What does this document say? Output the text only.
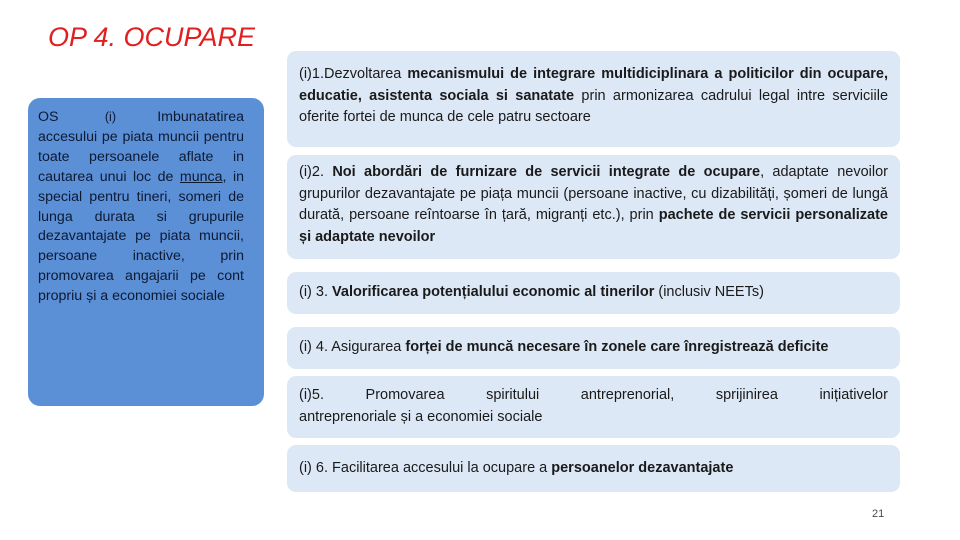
OP 4. OCUPARE
OS	(i)	Imbunatatirea accesului pe piata muncii pentru toate persoanele aflate in cautarea unui loc de munca, in special pentru tineri, someri de lunga durata si grupurile dezavantajate pe piata muncii, persoane inactive, prin promovarea angajarii pe cont propriu și a economiei sociale
(i)1.Dezvoltarea mecanismului de integrare multidiciplinara a politicilor din ocupare, educatie, asistenta sociala si sanatate prin armonizarea cadrului legal intre serviciile oferite fortei de munca de cele patru sectoare
(i)2. Noi abordări de furnizare de servicii integrate de ocupare, adaptate nevoilor grupurilor dezavantajate pe piața muncii (persoane inactive, cu dizabilități, șomeri de lungă durată, persoane reîntoarse în țară, migranți etc.), prin pachete de servicii personalizate și adaptate nevoilor
(i) 3. Valorificarea potențialului economic al tinerilor (inclusiv NEETs)
(i) 4. Asigurarea forței de muncă necesare în zonele care înregistrează deficite
(i)5.	Promovarea	spiritului	antreprenorial,	sprijinirea	inițiativelor
antreprenoriale și a economiei sociale
(i) 6. Facilitarea accesului la ocupare a persoanelor dezavantajate
21
